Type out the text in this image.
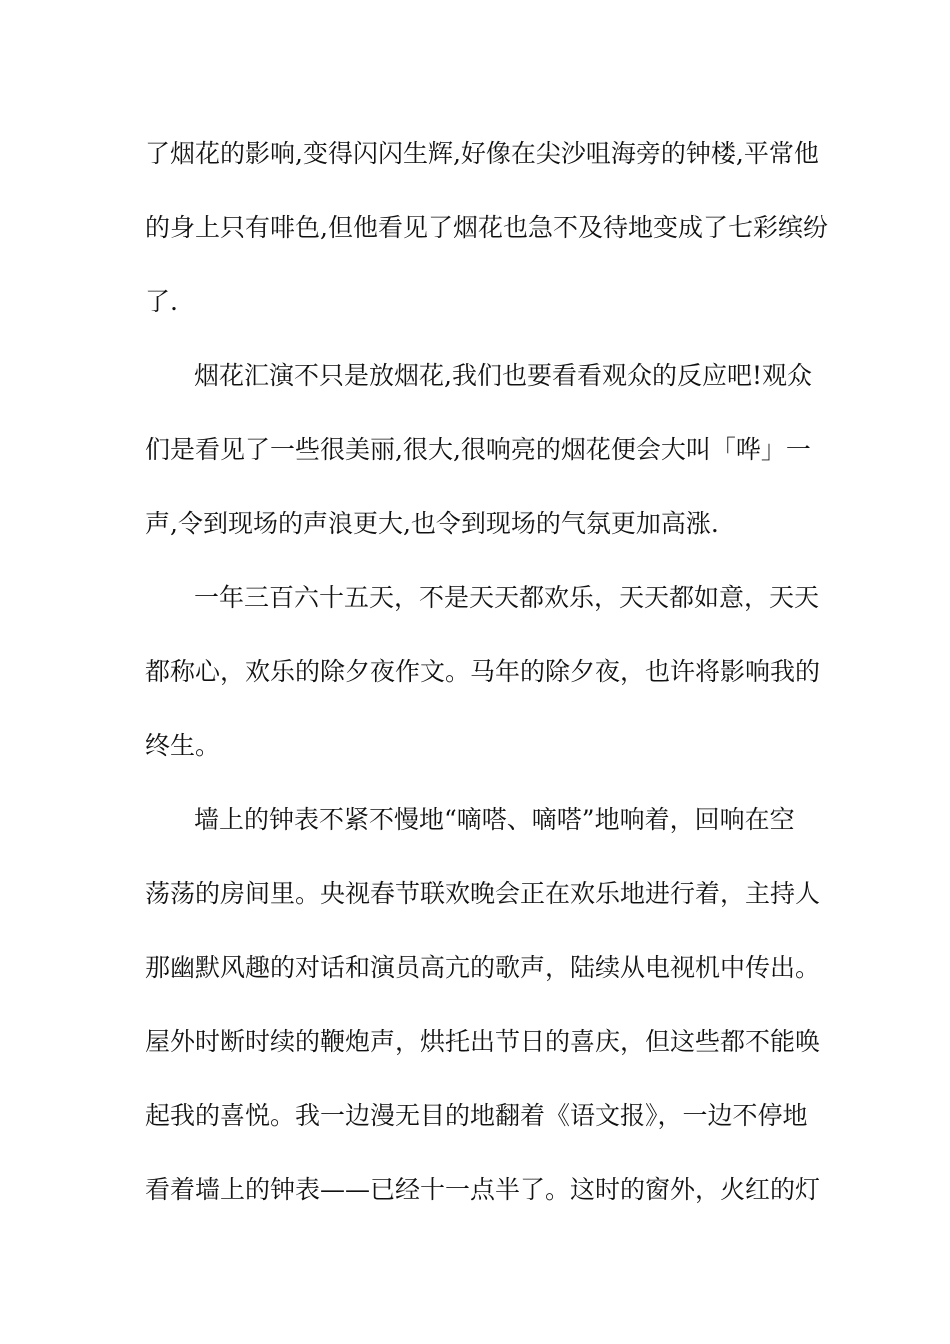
了烟花的影响,变得闪闪生辉,好像在尖沙咀海旁的钟楼,平常他
的身上只有啡色,但他看见了烟花也急不及待地变成了七彩缤纷
了.
烟花汇演不只是放烟花,我们也要看看观众的反应吧!观众
们是看见了一些很美丽,很大,很响亮的烟花便会大叫「哗」一
声,令到现场的声浪更大,也令到现场的气氛更加高涨.
一年三百六十五天，不是天天都欢乐，天天都如意，天天
都称心，欢乐的除夕夜作文。马年的除夕夜，也许将影响我的
终生。
墙上的钟表不紧不慢地“嘀嗒、嘀嗒”地响着，回响在空
荡荡的房间里。央视春节联欢晚会正在欢乐地进行着，主持人
那幽默风趣的对话和演员高亢的歌声，陆续从电视机中传出。
屋外时断时续的鞭炮声，烘托出节日的喜庆，但这些都不能唤
起我的喜悦。我一边漫无目的地翻着《语文报》，一边不停地
看着墙上的钟表——已经十一点半了。这时的窗外，火红的灯
